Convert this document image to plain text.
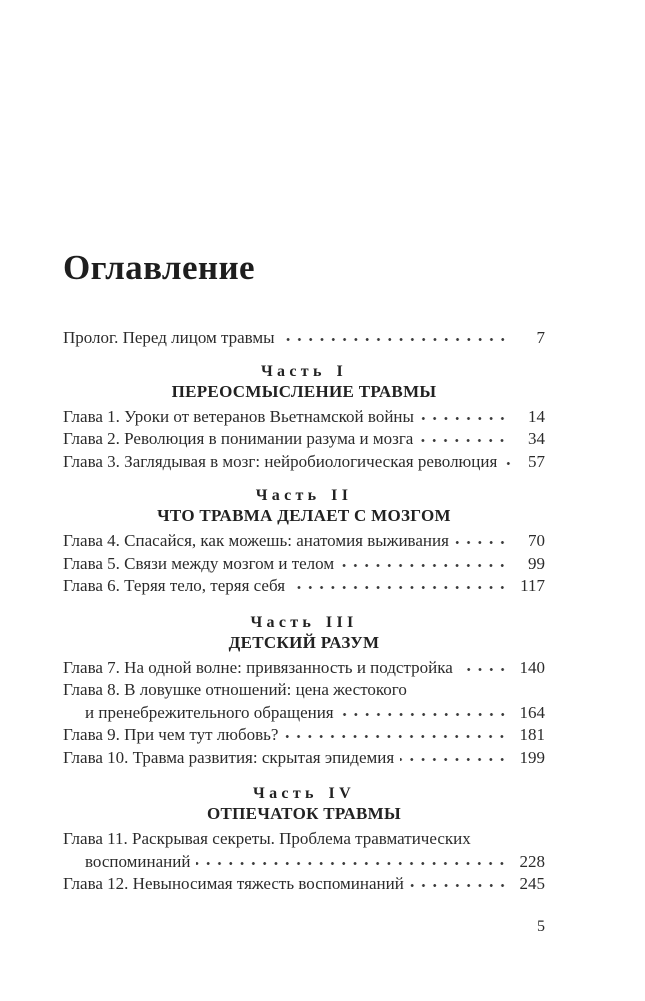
Оглавление
Пролог. Перед лицом травмы	7
Часть I
ПЕРЕОСМЫСЛЕНИЕ ТРАВМЫ
Глава 1. Уроки от ветеранов Вьетнамской войны	14
Глава 2. Революция в понимании разума и мозга	34
Глава 3. Заглядывая в мозг: нейробиологическая революция	57
Часть II
ЧТО ТРАВМА ДЕЛАЕТ С МОЗГОМ
Глава 4. Спасайся, как можешь: анатомия выживания	70
Глава 5. Связи между мозгом и телом	99
Глава 6. Теряя тело, теряя себя	117
Часть III
ДЕТСКИЙ РАЗУМ
Глава 7. На одной волне: привязанность и подстройка	140
Глава 8. В ловушке отношений: цена жестокого
и пренебрежительного обращения	164
Глава 9. При чем тут любовь?	181
Глава 10. Травма развития: скрытая эпидемия	199
Часть IV
ОТПЕЧАТОК ТРАВМЫ
Глава 11. Раскрывая секреты. Проблема травматических
воспоминаний	228
Глава 12. Невыносимая тяжесть воспоминаний	245
5
